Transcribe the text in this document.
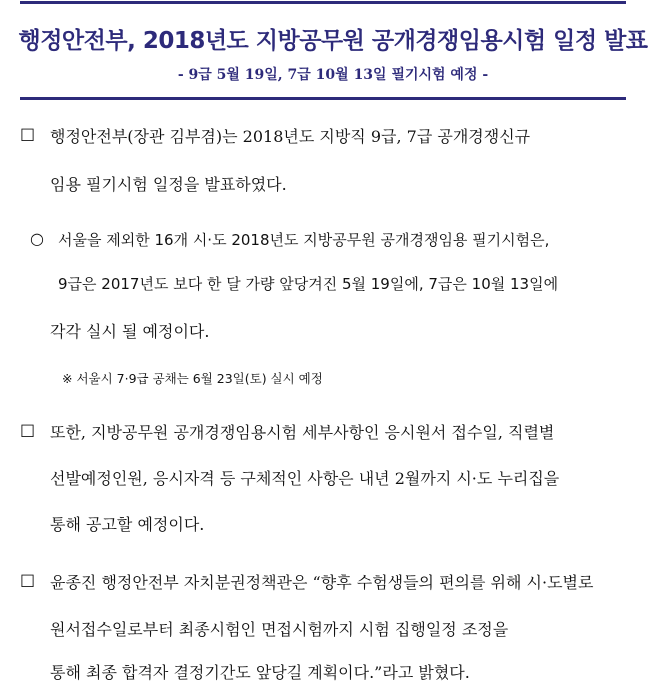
행정안전부, 2018년도 지방공무원 공개경쟁임용시험 일정 발표
- 9급 5월 19일, 7급 10월 13일 필기시험 예정 -
□ 행정안전부(장관 김부겸)는 2018년도 지방직 9급, 7급 공개경쟁신규
임용 필기시험 일정을 발표하였다.
○ 서울을 제외한 16개 시·도 2018년도 지방공무원 공개경쟁임용 필기시험은,
9급은 2017년도 보다 한 달 가량 앞당겨진 5월 19일에, 7급은 10월 13일에
각각 실시 될 예정이다.
※ 서울시 7·9급 공채는 6월 23일(토) 실시 예정
□ 또한, 지방공무원 공개경쟁임용시험 세부사항인 응시원서 접수일, 직렬별
선발예정인원, 응시자격 등 구체적인 사항은 내년 2월까지 시·도 누리집을
통해 공고할 예정이다.
□ 윤종진 행정안전부 자치분권정책관은 “향후 수험생들의 편의를 위해 시·도별로
원서접수일로부터 최종시험인 면접시험까지 시험 집행일정 조정을
통해 최종 합격자 결정기간도 앞당길 계획이다.”라고 밝혔다.
